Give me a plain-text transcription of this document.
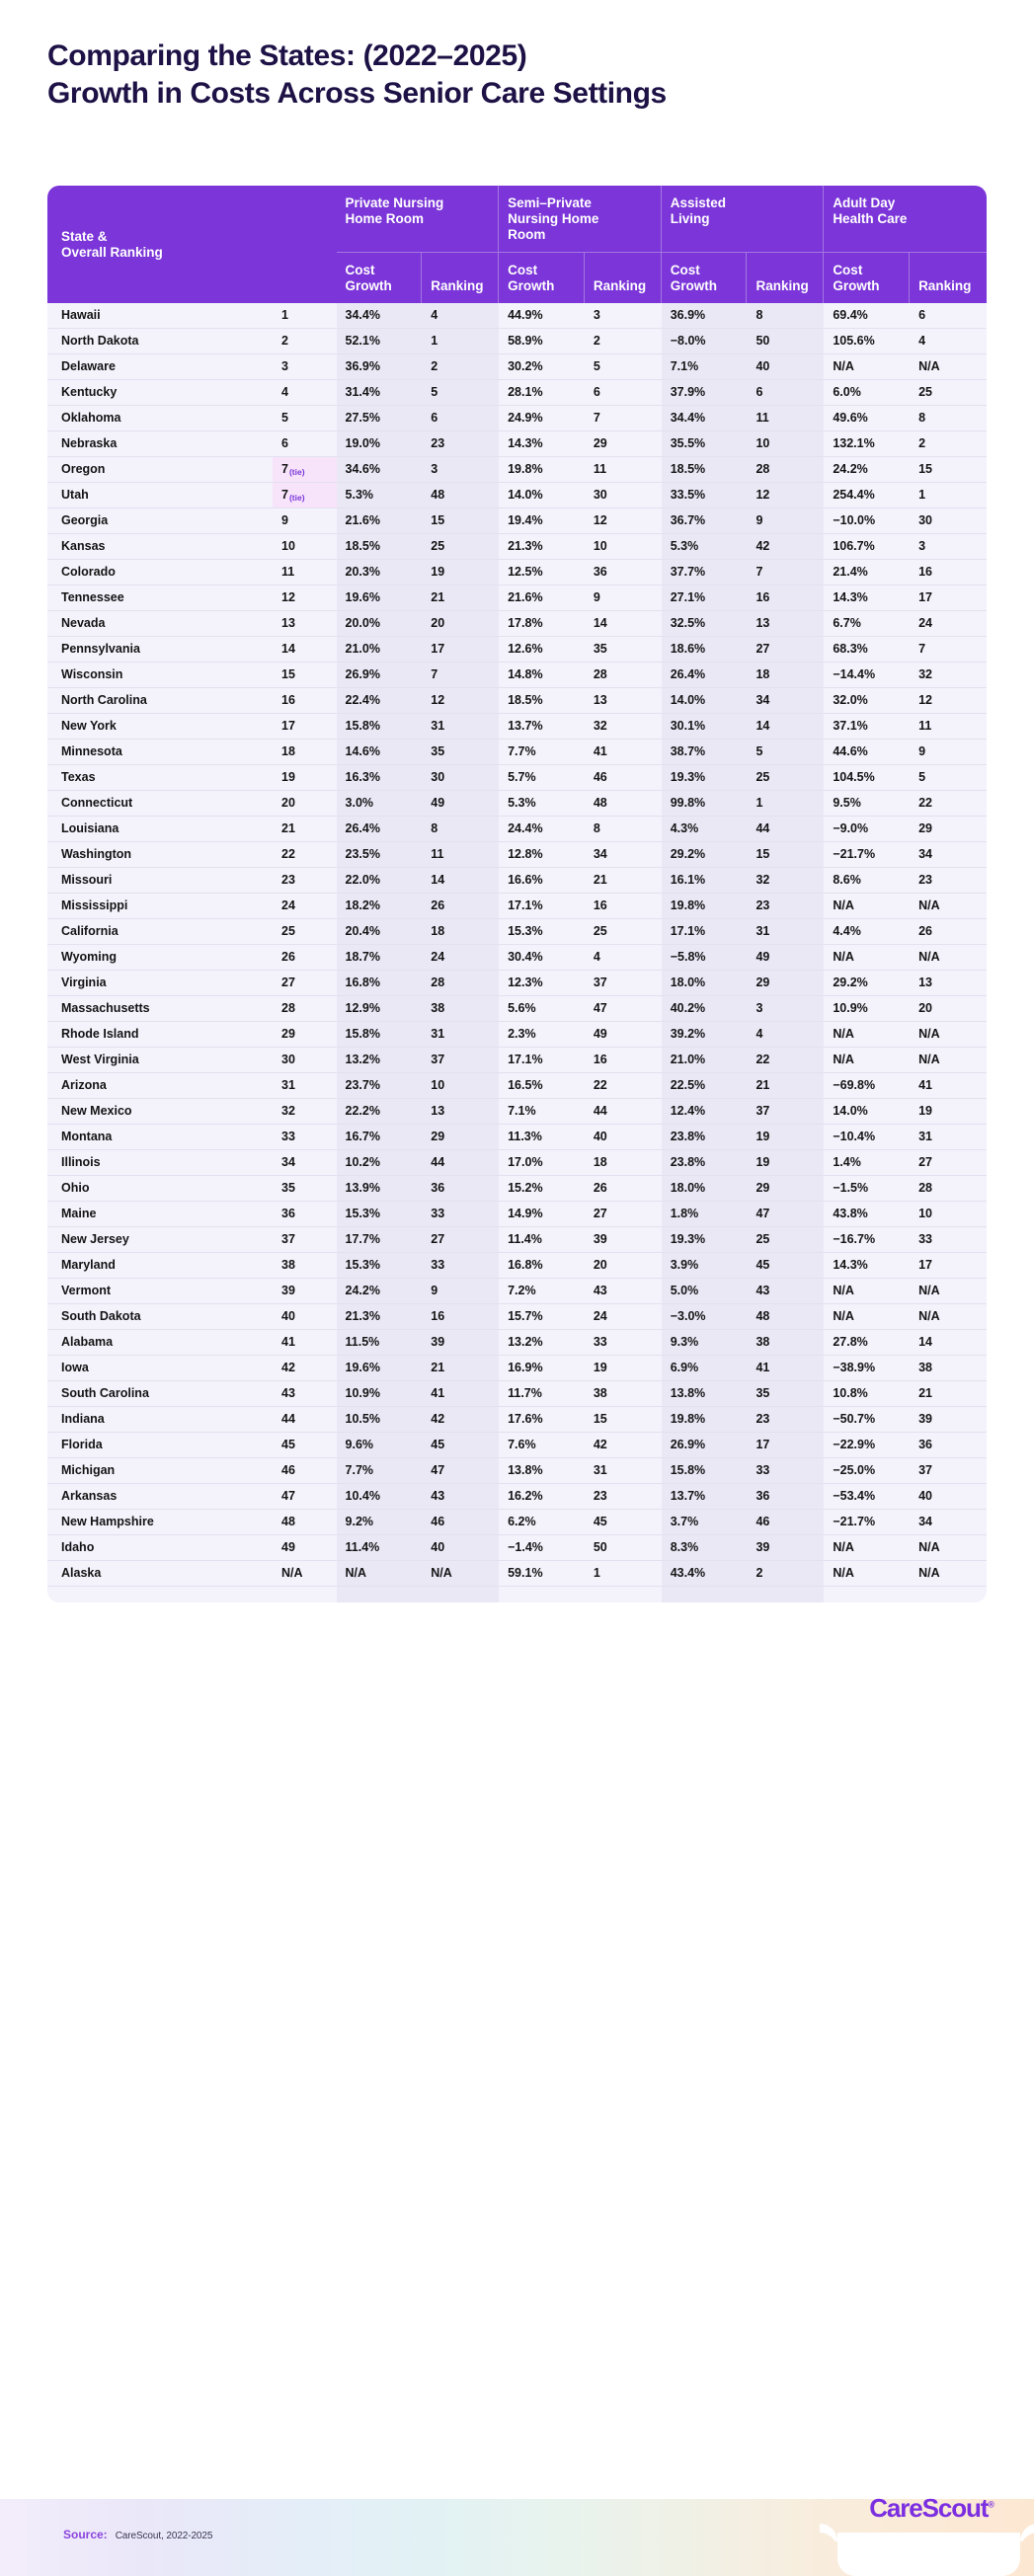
Comparing the States: (2022–2025)
Growth in Costs Across Senior Care Settings
State &
Overall Ranking

Private Nursing
Home Room

Semi–Private
Nursing Home
Room

Assisted
Living

Adult Day
Health Care

Cost
Growth	Ranking	
Cost
Growth	Ranking	
Cost
Growth	Ranking	
Cost
Growth	Ranking
Hawaii	1	34.4%	4	44.9%	3	36.9%	8	69.4%	6
North Dakota	2	52.1%	1	58.9%	2	−8.0%	50	105.6%	4
Delaware	3	36.9%	2	30.2%	5	7.1%	40	N/A	N/A
Kentucky	4	31.4%	5	28.1%	6	37.9%	6	6.0%	25
Oklahoma	5	27.5%	6	24.9%	7	34.4%	11	49.6%	8
Nebraska	6	19.0%	23	14.3%	29	35.5%	10	132.1%	2
Oregon	7(tie)	34.6%	3	19.8%	11	18.5%	28	24.2%	15
Utah	7(tie)	5.3%	48	14.0%	30	33.5%	12	254.4%	1
Georgia	9	21.6%	15	19.4%	12	36.7%	9	−10.0%	30
Kansas	10	18.5%	25	21.3%	10	5.3%	42	106.7%	3
Colorado	11	20.3%	19	12.5%	36	37.7%	7	21.4%	16
Tennessee	12	19.6%	21	21.6%	9	27.1%	16	14.3%	17
Nevada	13	20.0%	20	17.8%	14	32.5%	13	6.7%	24
Pennsylvania	14	21.0%	17	12.6%	35	18.6%	27	68.3%	7
Wisconsin	15	26.9%	7	14.8%	28	26.4%	18	−14.4%	32
North Carolina	16	22.4%	12	18.5%	13	14.0%	34	32.0%	12
New York	17	15.8%	31	13.7%	32	30.1%	14	37.1%	11
Minnesota	18	14.6%	35	7.7%	41	38.7%	5	44.6%	9
Texas	19	16.3%	30	5.7%	46	19.3%	25	104.5%	5
Connecticut	20	3.0%	49	5.3%	48	99.8%	1	9.5%	22
Louisiana	21	26.4%	8	24.4%	8	4.3%	44	−9.0%	29
Washington	22	23.5%	11	12.8%	34	29.2%	15	−21.7%	34
Missouri	23	22.0%	14	16.6%	21	16.1%	32	8.6%	23
Mississippi	24	18.2%	26	17.1%	16	19.8%	23	N/A	N/A
California	25	20.4%	18	15.3%	25	17.1%	31	4.4%	26
Wyoming	26	18.7%	24	30.4%	4	−5.8%	49	N/A	N/A
Virginia	27	16.8%	28	12.3%	37	18.0%	29	29.2%	13
Massachusetts	28	12.9%	38	5.6%	47	40.2%	3	10.9%	20
Rhode Island	29	15.8%	31	2.3%	49	39.2%	4	N/A	N/A
West Virginia	30	13.2%	37	17.1%	16	21.0%	22	N/A	N/A
Arizona	31	23.7%	10	16.5%	22	22.5%	21	−69.8%	41
New Mexico	32	22.2%	13	7.1%	44	12.4%	37	14.0%	19
Montana	33	16.7%	29	11.3%	40	23.8%	19	−10.4%	31
Illinois	34	10.2%	44	17.0%	18	23.8%	19	1.4%	27
Ohio	35	13.9%	36	15.2%	26	18.0%	29	−1.5%	28
Maine	36	15.3%	33	14.9%	27	1.8%	47	43.8%	10
New Jersey	37	17.7%	27	11.4%	39	19.3%	25	−16.7%	33
Maryland	38	15.3%	33	16.8%	20	3.9%	45	14.3%	17
Vermont	39	24.2%	9	7.2%	43	5.0%	43	N/A	N/A
South Dakota	40	21.3%	16	15.7%	24	−3.0%	48	N/A	N/A
Alabama	41	11.5%	39	13.2%	33	9.3%	38	27.8%	14
Iowa	42	19.6%	21	16.9%	19	6.9%	41	−38.9%	38
South Carolina	43	10.9%	41	11.7%	38	13.8%	35	10.8%	21
Indiana	44	10.5%	42	17.6%	15	19.8%	23	−50.7%	39
Florida	45	9.6%	45	7.6%	42	26.9%	17	−22.9%	36
Michigan	46	7.7%	47	13.8%	31	15.8%	33	−25.0%	37
Arkansas	47	10.4%	43	16.2%	23	13.7%	36	−53.4%	40
New Hampshire	48	9.2%	46	6.2%	45	3.7%	46	−21.7%	34
Idaho	49	11.4%	40	−1.4%	50	8.3%	39	N/A	N/A
Alaska	N/A	N/A	N/A	59.1%	1	43.4%	2	N/A	N/A

Source: CareScout, 2022-2025
CareScout®
